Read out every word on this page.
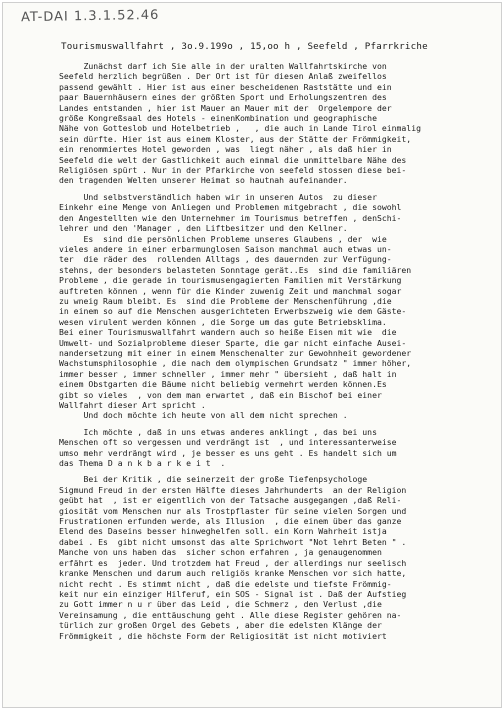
AT-DAI 1.3.1.52.46
Tourismuswallfahrt , 3o.9.199o , 15,oo h , Seefeld , Pfarrkriche
Zunächst darf ich Sie alle in der uralten Wallfahrtskirche von
Seefeld herzlich begrüßen . Der Ort ist für diesen Anlaß zweifellos
passend gewählt . Hier ist aus einer bescheidenen Raststätte und ein
paar Bauernhäusern eines der größten Sport und Erholungszentren des
Landes entstanden , hier ist Mauer an Mauer mit der  Orgelempore der
größe Kongreßsaal des Hotels - einenKombination und geographische
Nähe von Gotteslob und Hotelbetrieb ,   , die auch in Lande Tirol einmalig
sein dürfte. Hier ist aus einem Kloster, aus der Stätte der Frömmigkeit,
ein renommiertes Hotel geworden , was  liegt näher , als daß hier in
Seefeld die welt der Gastlichkeit auch einmal die unmittelbare Nähe des
Religiösen spürt . Nur in der Pfarkirche von seefeld stossen diese bei-
den tragenden Welten unserer Heimat so hautnah aufeinander.
Und selbstverständlich haben wir in unseren Autos  zu dieser
Einkehr eine Menge von Anliegen und Problemen mitgebracht , die sowohl
den Angestellten wie den Unternehmer im Tourismus betreffen , denSchi-
lehrer und den 'Manager , den Liftbesitzer und den Kellner.
Es  sind die persönlichen Probleme unseres Glaubens , der  wie
vieles andere in einer erbarmunglosen Saison manchmal auch etwas un-
ter  die räder des  rollenden Alltags , des dauernden zur Verfügung-
stehns, der besonders belasteten Sonntage gerät..Es  sind die familiären
Probleme , die gerade in tourismusengagierten Familien mit Verstärkung
auftreten können , wenn für die Kinder zuwenig Zeit und manchmal sogar
zu wneig Raum bleibt. Es  sind die Probleme der Menschenführung ,die
in einem so auf die Menschen ausgerichteten Erwerbszweig wie dem Gäste-
wesen virulent werden können , die Sorge um das gute Betriebsklima.
Bei einer Tourismuswallfahrt wandern auch so heiße Eisen mit wie  die
Umwelt- und Sozialprobleme dieser Sparte, die gar nicht einfache Ausei-
nandersetzung mit einer in einem Menschenalter zur Gewohnheit gewordener
Wachstumsphilosophie , die nach dem olympischen Grundsatz " immer höher,
immer besser , immer schneller , immer mehr " übersieht , daß halt in
einem Obstgarten die Bäume nicht beliebig vermehrt werden können.Es
gibt so vieles  , von dem man erwartet , daß ein Bischof bei einer
Wallfahrt dieser Art spricht .
Und doch möchte ich heute von all dem nicht sprechen .
Ich möchte , daß in uns etwas anderes anklingt , das bei uns
Menschen oft so vergessen und verdrängt ist  , und interessanterweise
umso mehr verdrängt wird , je besser es uns geht . Es handelt sich um
das Thema D a n k b a r k e i t  .
Bei der Kritik , die seinerzeit der große Tiefenpsychologe
Sigmund Freud in der ersten Hälfte dieses Jahrhunderts  an der Religion
geübt hat  , ist er eigentlich von der Tatsache ausgegangen ,daß Reli-
giosität vom Menschen nur als Trostpflaster für seine vielen Sorgen und
Frustrationen erfunden werde, als Illusion  , die einem über das ganze
Elend des Daseins besser hinweghelfen soll. ein Korn Wahrheit istja
dabei . Es  gibt nicht umsonst das alte Sprichwort "Not lehrt Beten " .
Manche von uns haben das  sicher schon erfahren , ja genaugenommen
erfährt es  jeder. Und trotzdem hat Freud , der allerdings nur seelisch
kranke Menschen und darum auch religiös kranke Menschen vor sich hatte,
nicht recht . Es stimmt nicht , daß die edelste und tiefste Frömmig-
keit nur ein einziger Hilferuf, ein SOS - Signal ist . Daß der Aufstieg
zu Gott immer n u r über das Leid , die Schmerz , den Verlust ,die
Vereinsamung , die enttäuschung geht . Alle diese Register gehören na-
türlich zur großen Orgel des Gebets , aber die edelsten Klänge der
Frömmigkeit , die höchste Form der Religiosität ist nicht motiviert
